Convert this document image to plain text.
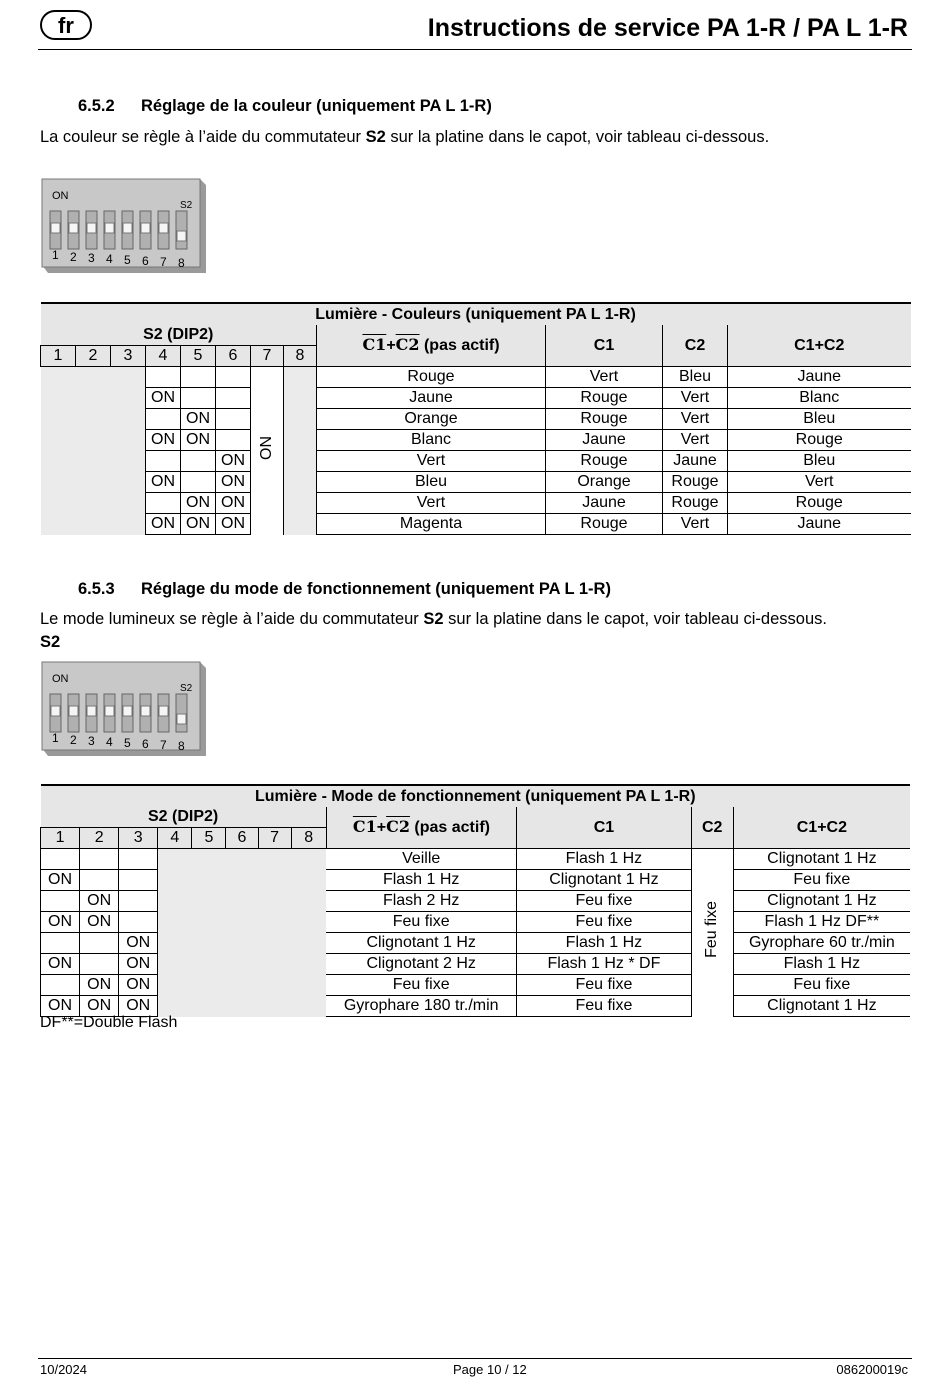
fr	Instructions de service PA 1-R / PA L 1-R
6.5.2 Réglage de la couleur (uniquement PA L 1-R)
La couleur se règle à l’aide du commutateur S2 sur la platine dans le capot, voir tableau ci-dessous.
ON
S2
1 2 3 4 5 6 7 8
Lumière - Couleurs (uniquement PA L 1-R)											
S2 (DIP2)								C1+C2 (pas actif)	C1	C2	C1+C2
1	2	3	4	5	6	7	8				
						ON		Rouge	Vert	Bleu	Jaune
			ON					Jaune	Rouge	Vert	Blanc
				ON				Orange	Rouge	Vert	Bleu
			ON	ON				Blanc	Jaune	Vert	Rouge
					ON			Vert	Rouge	Jaune	Bleu
			ON		ON			Bleu	Orange	Rouge	Vert
				ON	ON			Vert	Jaune	Rouge	Rouge
			ON	ON	ON			Magenta	Rouge	Vert	Jaune
6.5.3 Réglage du mode de fonctionnement (uniquement PA L 1-R)
Le mode lumineux se règle à l’aide du commutateur S2 sur la platine dans le capot, voir tableau ci-dessous.
S2
ON
S2
1 2 3 4 5 6 7 8
Lumière - Mode de fonctionnement (uniquement PA L 1-R)											
S2 (DIP2)								C1+C2 (pas actif)	C1	C2	C1+C2
1	2	3	4	5	6	7	8				
								Veille	Flash 1 Hz	Feu fixe	Clignotant 1 Hz
ON								Flash 1 Hz	Clignotant 1 Hz		Feu fixe
	ON							Flash 2 Hz	Feu fixe		Clignotant 1 Hz
ON	ON							Feu fixe	Feu fixe		Flash 1 Hz DF**
		ON						Clignotant 1 Hz	Flash 1 Hz		Gyrophare 60 tr./min
ON		ON						Clignotant 2 Hz	Flash 1 Hz * DF		Flash 1 Hz
	ON	ON						Feu fixe	Feu fixe		Feu fixe
ON	ON	ON						Gyrophare 180 tr./min	Feu fixe		Clignotant 1 Hz
DF**=Double Flash
10/2024	Page 10 / 12	086200019c
